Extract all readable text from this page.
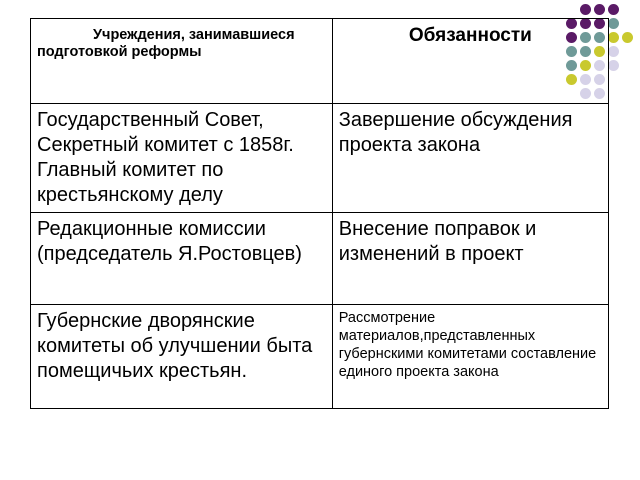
Учреждения, занимавшиеся подготовкой реформы	Обязанности
Государственный Совет, Секретный комитет с 1858г. Главный комитет по крестьянскому делу	Завершение обсуждения проекта закона
Редакционные комиссии (председатель Я.Ростовцев)	Внесение поправок и изменений в проект
Губернские дворянские комитеты об улучшении быта помещичьих крестьян.	Рассмотрение материалов,представленных губернскими комитетами составление единого проекта закона
